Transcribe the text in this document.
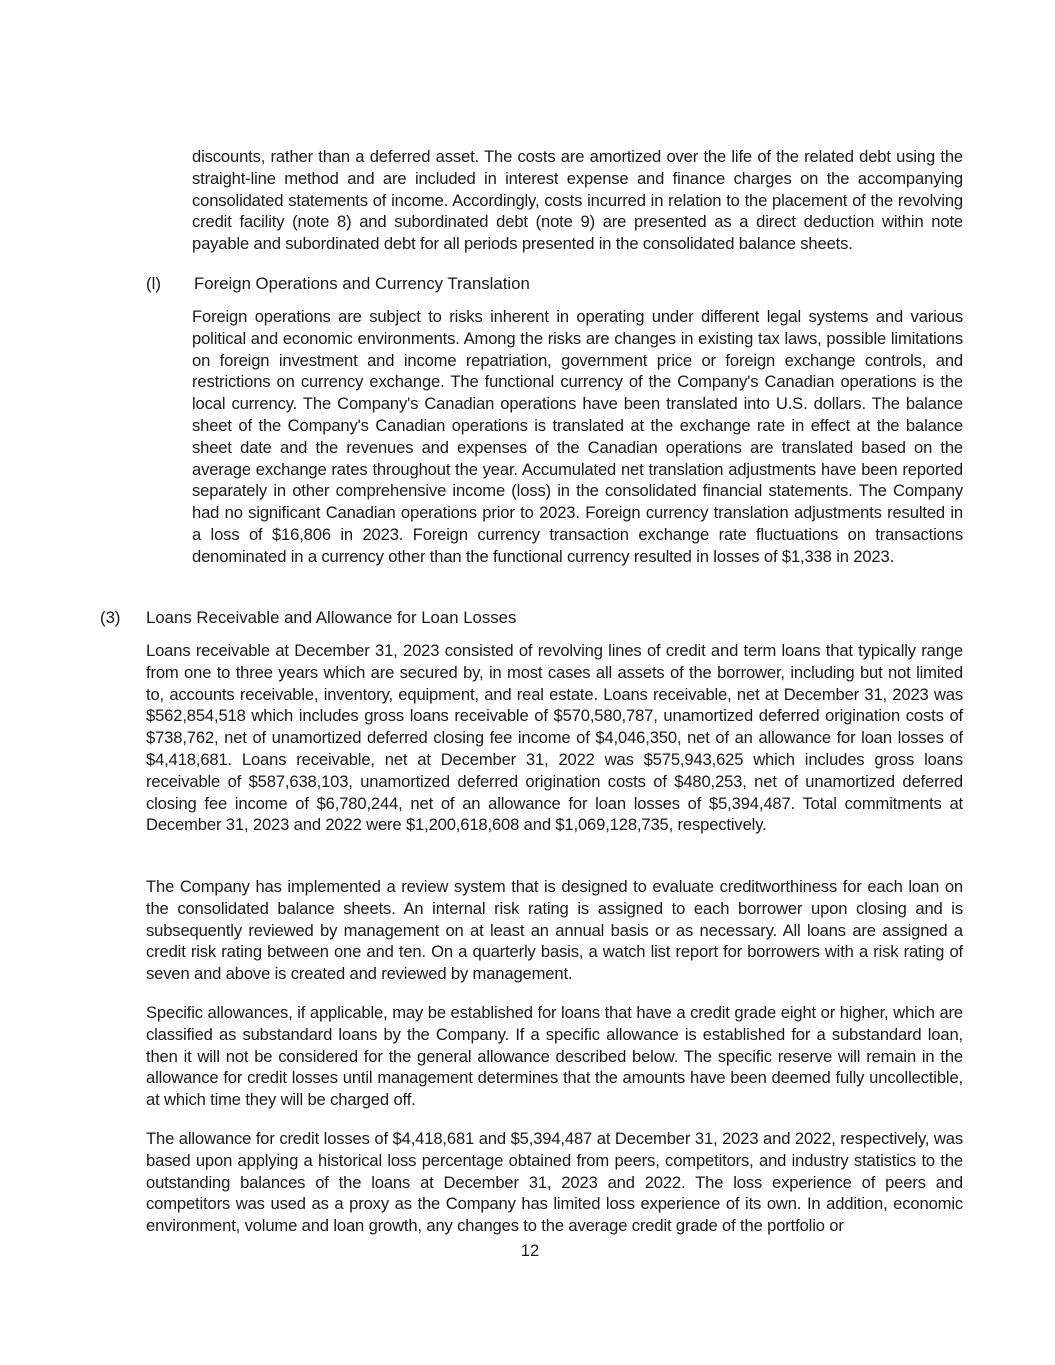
discounts, rather than a deferred asset. The costs are amortized over the life of the related debt using the straight-line method and are included in interest expense and finance charges on the accompanying consolidated statements of income. Accordingly, costs incurred in relation to the placement of the revolving credit facility (note 8) and subordinated debt (note 9) are presented as a direct deduction within note payable and subordinated debt for all periods presented in the consolidated balance sheets.

(l) Foreign Operations and Currency Translation

Foreign operations are subject to risks inherent in operating under different legal systems and various political and economic environments. Among the risks are changes in existing tax laws, possible limitations on foreign investment and income repatriation, government price or foreign exchange controls, and restrictions on currency exchange. The functional currency of the Company's Canadian operations is the local currency. The Company's Canadian operations have been translated into U.S. dollars. The balance sheet of the Company's Canadian operations is translated at the exchange rate in effect at the balance sheet date and the revenues and expenses of the Canadian operations are translated based on the average exchange rates throughout the year. Accumulated net translation adjustments have been reported separately in other comprehensive income (loss) in the consolidated financial statements. The Company had no significant Canadian operations prior to 2023. Foreign currency translation adjustments resulted in a loss of $16,806 in 2023. Foreign currency transaction exchange rate fluctuations on transactions denominated in a currency other than the functional currency resulted in losses of $1,338 in 2023.

(3) Loans Receivable and Allowance for Loan Losses

Loans receivable at December 31, 2023 consisted of revolving lines of credit and term loans that typically range from one to three years which are secured by, in most cases all assets of the borrower, including but not limited to, accounts receivable, inventory, equipment, and real estate. Loans receivable, net at December 31, 2023 was $562,854,518 which includes gross loans receivable of $570,580,787, unamortized deferred origination costs of $738,762, net of unamortized deferred closing fee income of $4,046,350, net of an allowance for loan losses of $4,418,681. Loans receivable, net at December 31, 2022 was $575,943,625 which includes gross loans receivable of $587,638,103, unamortized deferred origination costs of $480,253, net of unamortized deferred closing fee income of $6,780,244, net of an allowance for loan losses of $5,394,487. Total commitments at December 31, 2023 and 2022 were $1,200,618,608 and $1,069,128,735, respectively.

The Company has implemented a review system that is designed to evaluate creditworthiness for each loan on the consolidated balance sheets. An internal risk rating is assigned to each borrower upon closing and is subsequently reviewed by management on at least an annual basis or as necessary. All loans are assigned a credit risk rating between one and ten. On a quarterly basis, a watch list report for borrowers with a risk rating of seven and above is created and reviewed by management.

Specific allowances, if applicable, may be established for loans that have a credit grade eight or higher, which are classified as substandard loans by the Company. If a specific allowance is established for a substandard loan, then it will not be considered for the general allowance described below. The specific reserve will remain in the allowance for credit losses until management determines that the amounts have been deemed fully uncollectible, at which time they will be charged off.

The allowance for credit losses of $4,418,681 and $5,394,487 at December 31, 2023 and 2022, respectively, was based upon applying a historical loss percentage obtained from peers, competitors, and industry statistics to the outstanding balances of the loans at December 31, 2023 and 2022. The loss experience of peers and competitors was used as a proxy as the Company has limited loss experience of its own. In addition, economic environment, volume and loan growth, any changes to the average credit grade of the portfolio or

12
